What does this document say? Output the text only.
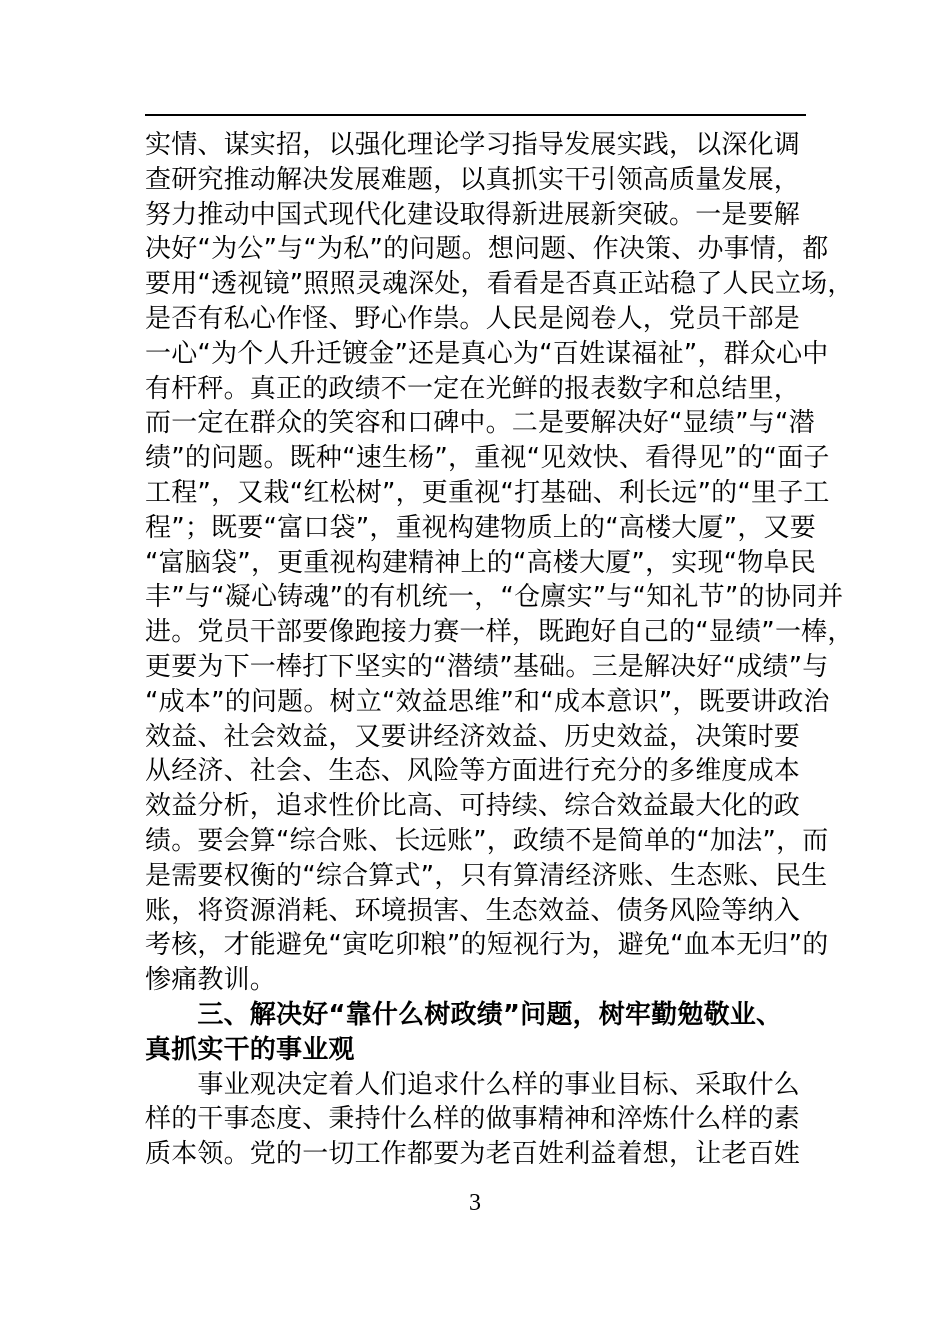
实情、谋实招，以强化理论学习指导发展实践，以深化调
查研究推动解决发展难题，以真抓实干引领高质量发展，
努力推动中国式现代化建设取得新进展新突破。一是要解
决好“为公”与“为私”的问题。想问题、作决策、办事情，都
要用“透视镜”照照灵魂深处，看看是否真正站稳了人民立场，
是否有私心作怪、野心作祟。人民是阅卷人，党员干部是
一心“为个人升迁镀金”还是真心为“百姓谋福祉”，群众心中
有杆秤。真正的政绩不一定在光鲜的报表数字和总结里，
而一定在群众的笑容和口碑中。二是要解决好“显绩”与“潜
绩”的问题。既种“速生杨”，重视“见效快、看得见”的“面子
工程”，又栽“红松树”，更重视“打基础、利长远”的“里子工
程”；既要“富口袋”，重视构建物质上的“高楼大厦”，又要
“富脑袋”，更重视构建精神上的“高楼大厦”，实现“物阜民
丰”与“凝心铸魂”的有机统一，“仓廪实”与“知礼节”的协同并
进。党员干部要像跑接力赛一样，既跑好自己的“显绩”一棒，
更要为下一棒打下坚实的“潜绩”基础。三是解决好“成绩”与
“成本”的问题。树立“效益思维”和“成本意识”，既要讲政治
效益、社会效益，又要讲经济效益、历史效益，决策时要
从经济、社会、生态、风险等方面进行充分的多维度成本
效益分析，追求性价比高、可持续、综合效益最大化的政
绩。要会算“综合账、长远账”，政绩不是简单的“加法”，而
是需要权衡的“综合算式”，只有算清经济账、生态账、民生
账，将资源消耗、环境损害、生态效益、债务风险等纳入
考核，才能避免“寅吃卯粮”的短视行为，避免“血本无归”的
惨痛教训。
　　三、解决好“靠什么树政绩”问题，树牢勤勉敬业、
真抓实干的事业观
　　事业观决定着人们追求什么样的事业目标、采取什么
样的干事态度、秉持什么样的做事精神和淬炼什么样的素
质本领。党的一切工作都要为老百姓利益着想，让老百姓
3
